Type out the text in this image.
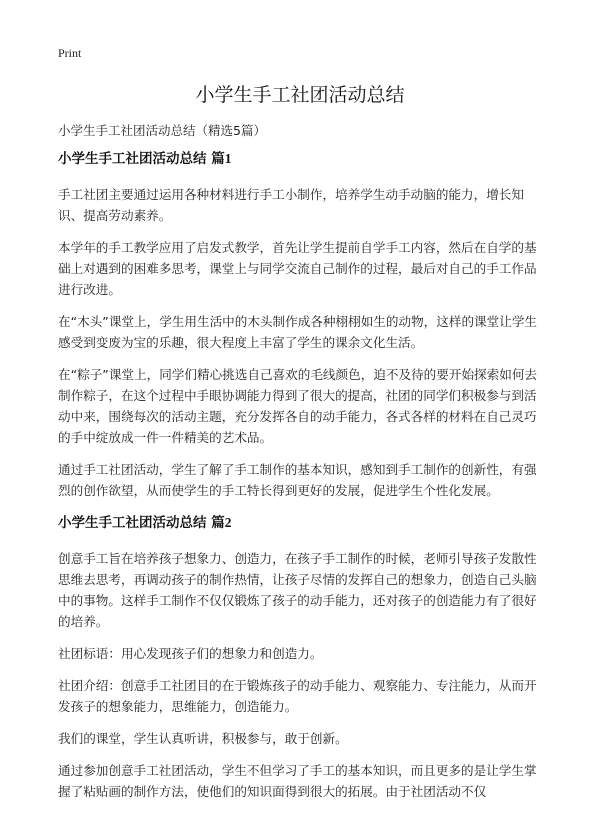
Print
小学生手工社团活动总结
小学生手工社团活动总结（精选5篇）
小学生手工社团活动总结 篇1

手工社团主要通过运用各种材料进行手工小制作，培养学生动手动脑的能力，增长知识、提高劳动素养。

本学年的手工教学应用了启发式教学，首先让学生提前自学手工内容，然后在自学的基础上对遇到的困难多思考，课堂上与同学交流自己制作的过程，最后对自己的手工作品进行改进。

在“木头”课堂上，学生用生活中的木头制作成各种栩栩如生的动物，这样的课堂让学生感受到变废为宝的乐趣，很大程度上丰富了学生的课余文化生活。

在“粽子”课堂上，同学们精心挑选自己喜欢的毛线颜色，迫不及待的要开始探索如何去制作粽子，在这个过程中手眼协调能力得到了很大的提高，社团的同学们积极参与到活动中来，围绕每次的活动主题，充分发挥各自的动手能力，各式各样的材料在自己灵巧的手中绽放成一件一件精美的艺术品。

通过手工社团活动，学生了解了手工制作的基本知识，感知到手工制作的创新性，有强烈的创作欲望，从而使学生的手工特长得到更好的发展，促进学生个性化发展。

小学生手工社团活动总结 篇2

创意手工旨在培养孩子想象力、创造力，在孩子手工制作的时候，老师引导孩子发散性思维去思考，再调动孩子的制作热情，让孩子尽情的发挥自己的想象力，创造自己头脑中的事物。这样手工制作不仅仅锻炼了孩子的动手能力，还对孩子的创造能力有了很好的培养。

社团标语：用心发现孩子们的想象力和创造力。

社团介绍：创意手工社团目的在于锻炼孩子的动手能力、观察能力、专注能力，从而开发孩子的想象能力，思维能力，创造能力。

我们的课堂，学生认真听讲，积极参与，敢于创新。

通过参加创意手工社团活动，学生不但学习了手工的基本知识，而且更多的是让学生掌握了粘贴画的制作方法，使他们的知识面得到很大的拓展。由于社团活动不仅
